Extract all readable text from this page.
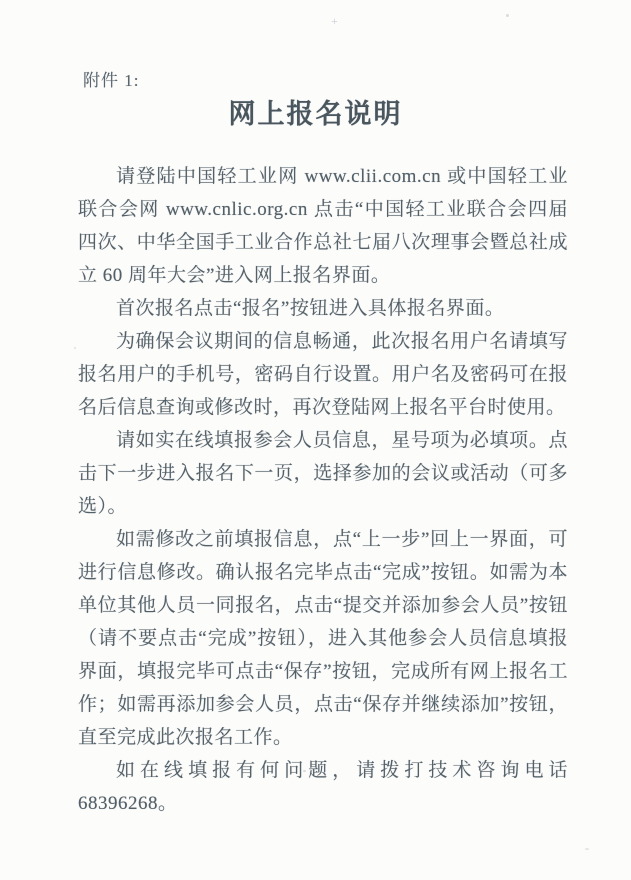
+
附件 1:
网上报名说明

请登陆中国轻工业网 www.clii.com.cn 或中国轻工业联合会网 www.cnlic.org.cn 点击“中国轻工业联合会四届四次、中华全国手工业合作总社七届八次理事会暨总社成立 60 周年大会”进入网上报名界面。

首次报名点击“报名”按钮进入具体报名界面。

为确保会议期间的信息畅通，此次报名用户名请填写报名用户的手机号，密码自行设置。用户名及密码可在报名后信息查询或修改时，再次登陆网上报名平台时使用。

请如实在线填报参会人员信息，星号项为必填项。点击下一步进入报名下一页，选择参加的会议或活动（可多选）。

如需修改之前填报信息，点“上一步”回上一界面，可进行信息修改。确认报名完毕点击“完成”按钮。如需为本单位其他人员一同报名，点击“提交并添加参会人员”按钮（请不要点击“完成”按钮），进入其他参会人员信息填报界面，填报完毕可点击“保存”按钮，完成所有网上报名工作；如需再添加参会人员，点击“保存并继续添加”按钮，直至完成此次报名工作。

如在线填报有何问题，请拨打技术咨询电话 68396268。
